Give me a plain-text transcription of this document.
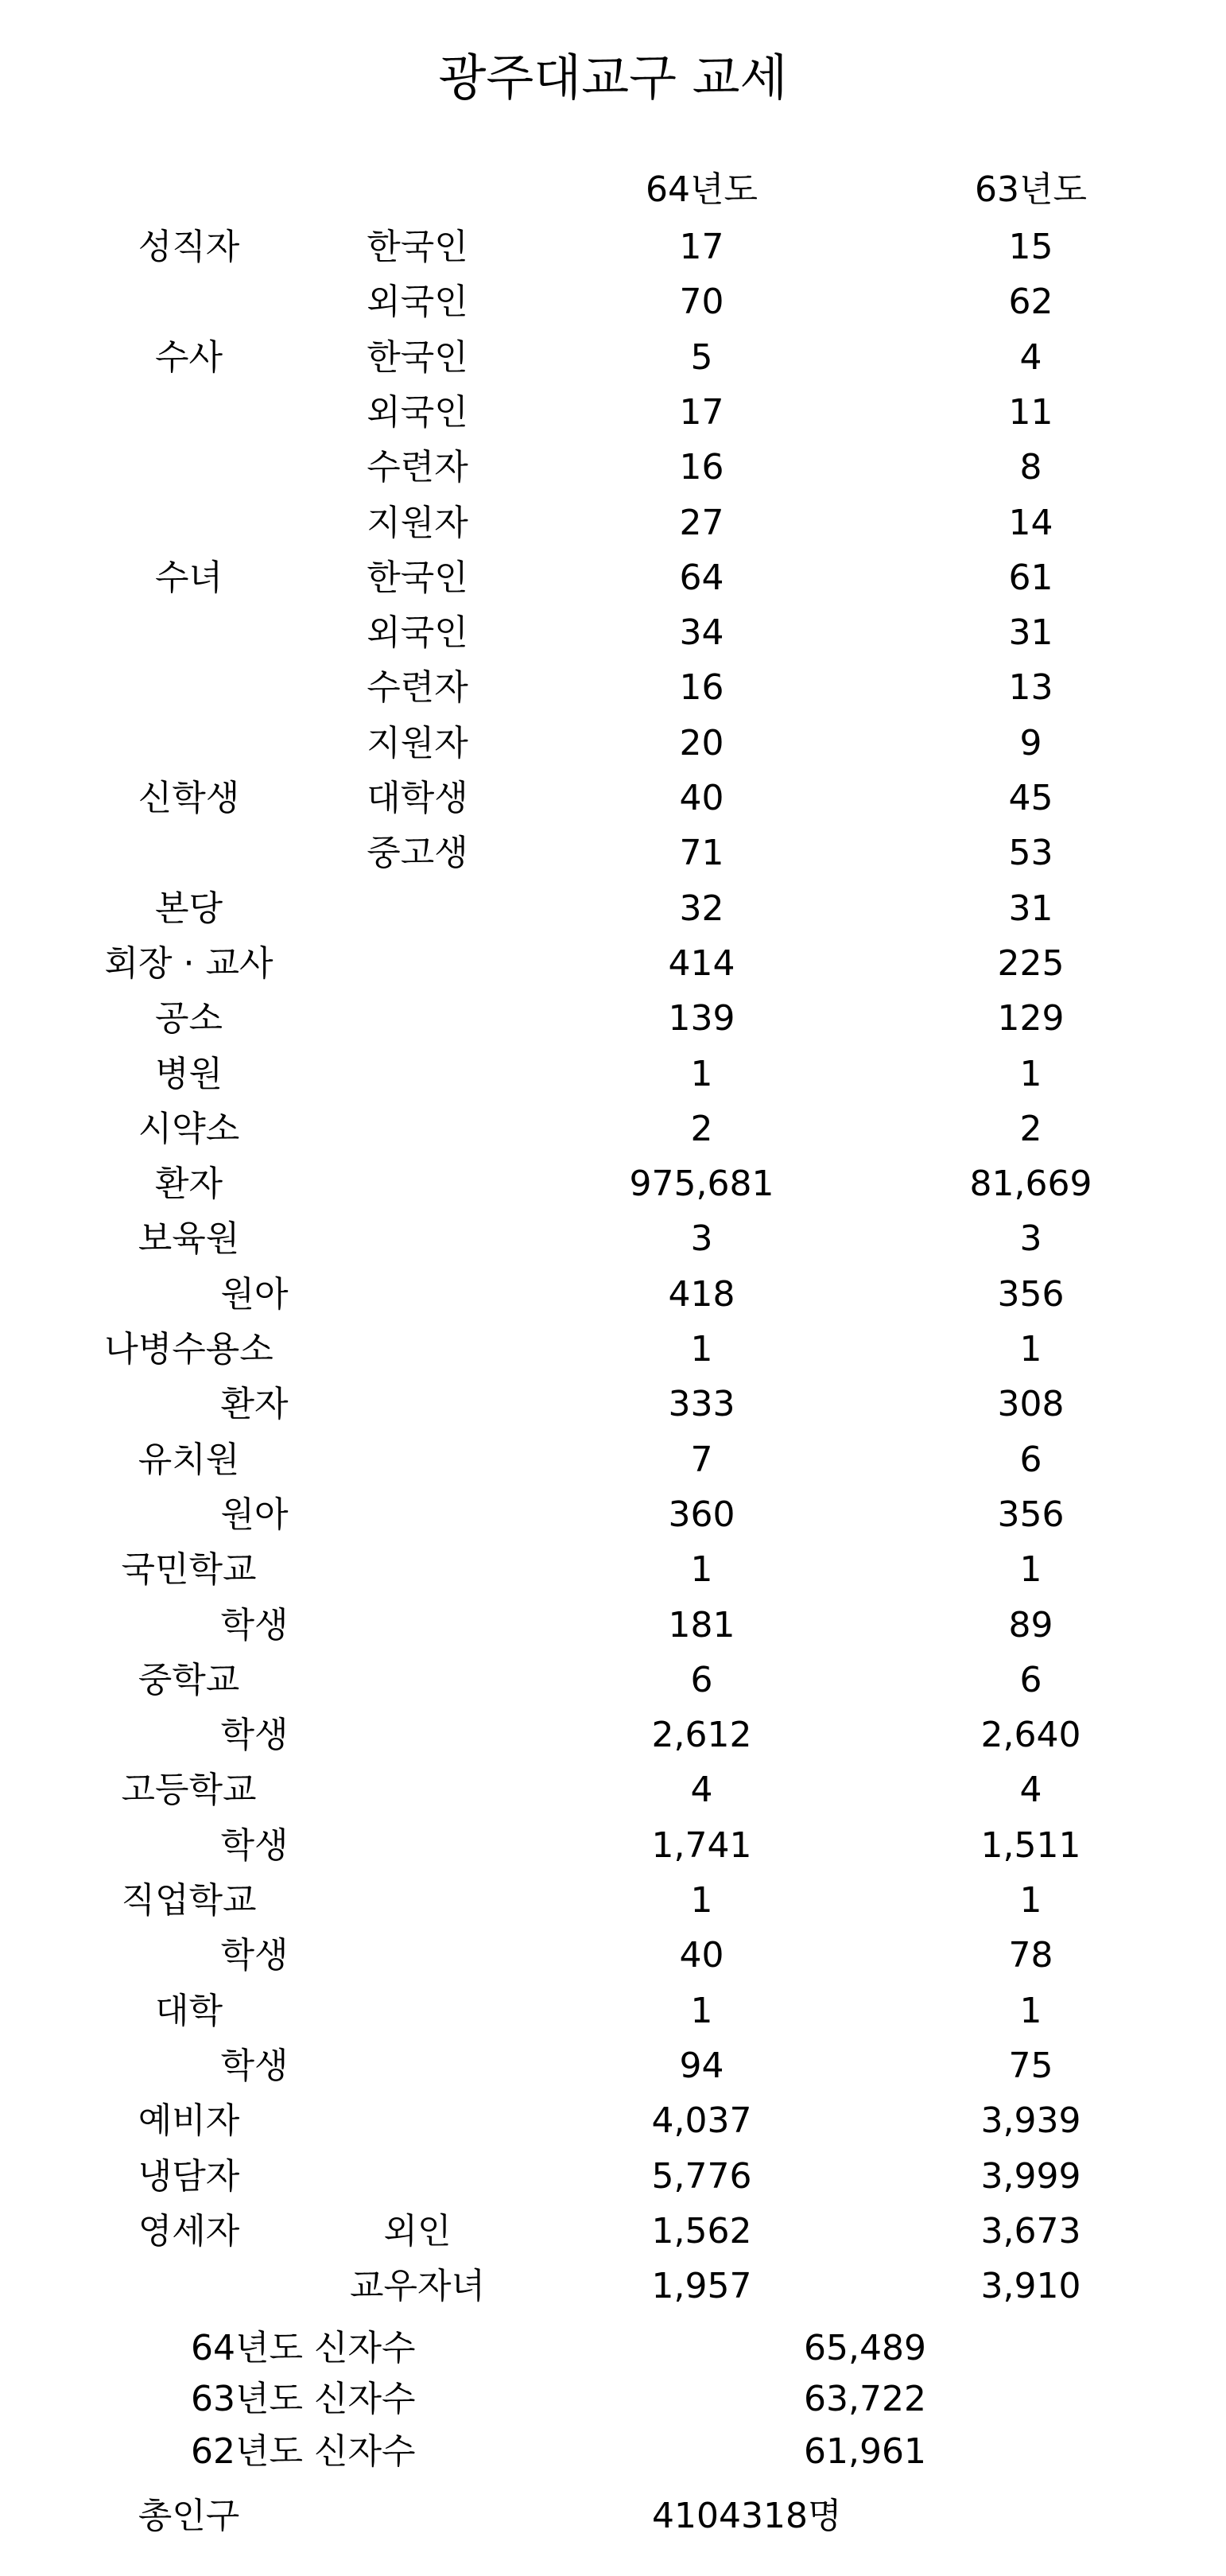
광주대교구 교세
64년도	63년도
성직자	한국인	17	15
외국인	70	62
수사	한국인	5	4
외국인	17	11
수련자	16	8
지원자	27	14
수녀	한국인	64	61
외국인	34	31
수련자	16	13
지원자	20	9
신학생	대학생	40	45
중고생	71	53
본당	32	31
회장 · 교사	414	225
공소	139	129
병원	1	1
시약소	2	2
환자	975,681	81,669
보육원	3	3
원아	418	356
나병수용소	1	1
환자	333	308
유치원	7	6
원아	360	356
국민학교	1	1
학생	181	89
중학교	6	6
학생	2,612	2,640
고등학교	4	4
학생	1,741	1,511
직업학교	1	1
학생	40	78
대학	1	1
학생	94	75
예비자	4,037	3,939
냉담자	5,776	3,999
영세자	외인	1,562	3,673
교우자녀	1,957	3,910
64년도 신자수	65,489
63년도 신자수	63,722
62년도 신자수	61,961
총인구	4104318명
